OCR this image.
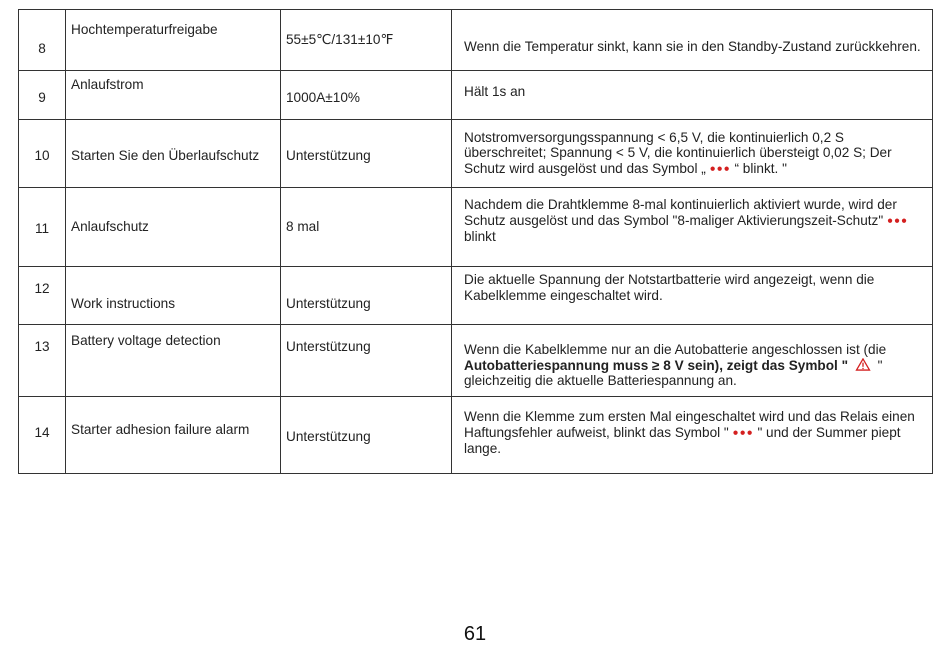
8	Hochtemperaturfreigabe	55±5℃/131±10℉	Wenn die Temperatur sinkt, kann sie in den Standby-Zustand zurückkehren.
9	Anlaufstrom	1000A±10%	Hält 1s an
10	Starten Sie den Überlaufschutz	Unterstützung	Notstromversorgungsspannung < 6,5 V, die kontinuierlich 0,2 S überschreitet; Spannung < 5 V, die kontinuierlich übersteigt 0,02 S; Der Schutz wird ausgelöst und das Symbol „ ●●● “ blinkt. "
11	Anlaufschutz	8 mal	Nachdem die Drahtklemme 8-mal kontinuierlich aktiviert wurde, wird der Schutz ausgelöst und das Symbol "8-maliger Aktivierungszeit-Schutz" ●●● blinkt
12	Work instructions	Unterstützung	Die aktuelle Spannung der Notstartbatterie wird angezeigt, wenn die Kabelklemme eingeschaltet wird.
13	Battery voltage detection	Unterstützung	Wenn die Kabelklemme nur an die Autobatterie angeschlossen ist (die Autobatteriespannung muss ≥ 8 V sein), zeigt das Symbol " " gleichzeitig die aktuelle Batteriespannung an.
14	Starter adhesion failure alarm	Unterstützung	Wenn die Klemme zum ersten Mal eingeschaltet wird und das Relais einen Haftungsfehler aufweist, blinkt das Symbol " ●●● " und der Summer piept lange.
61
